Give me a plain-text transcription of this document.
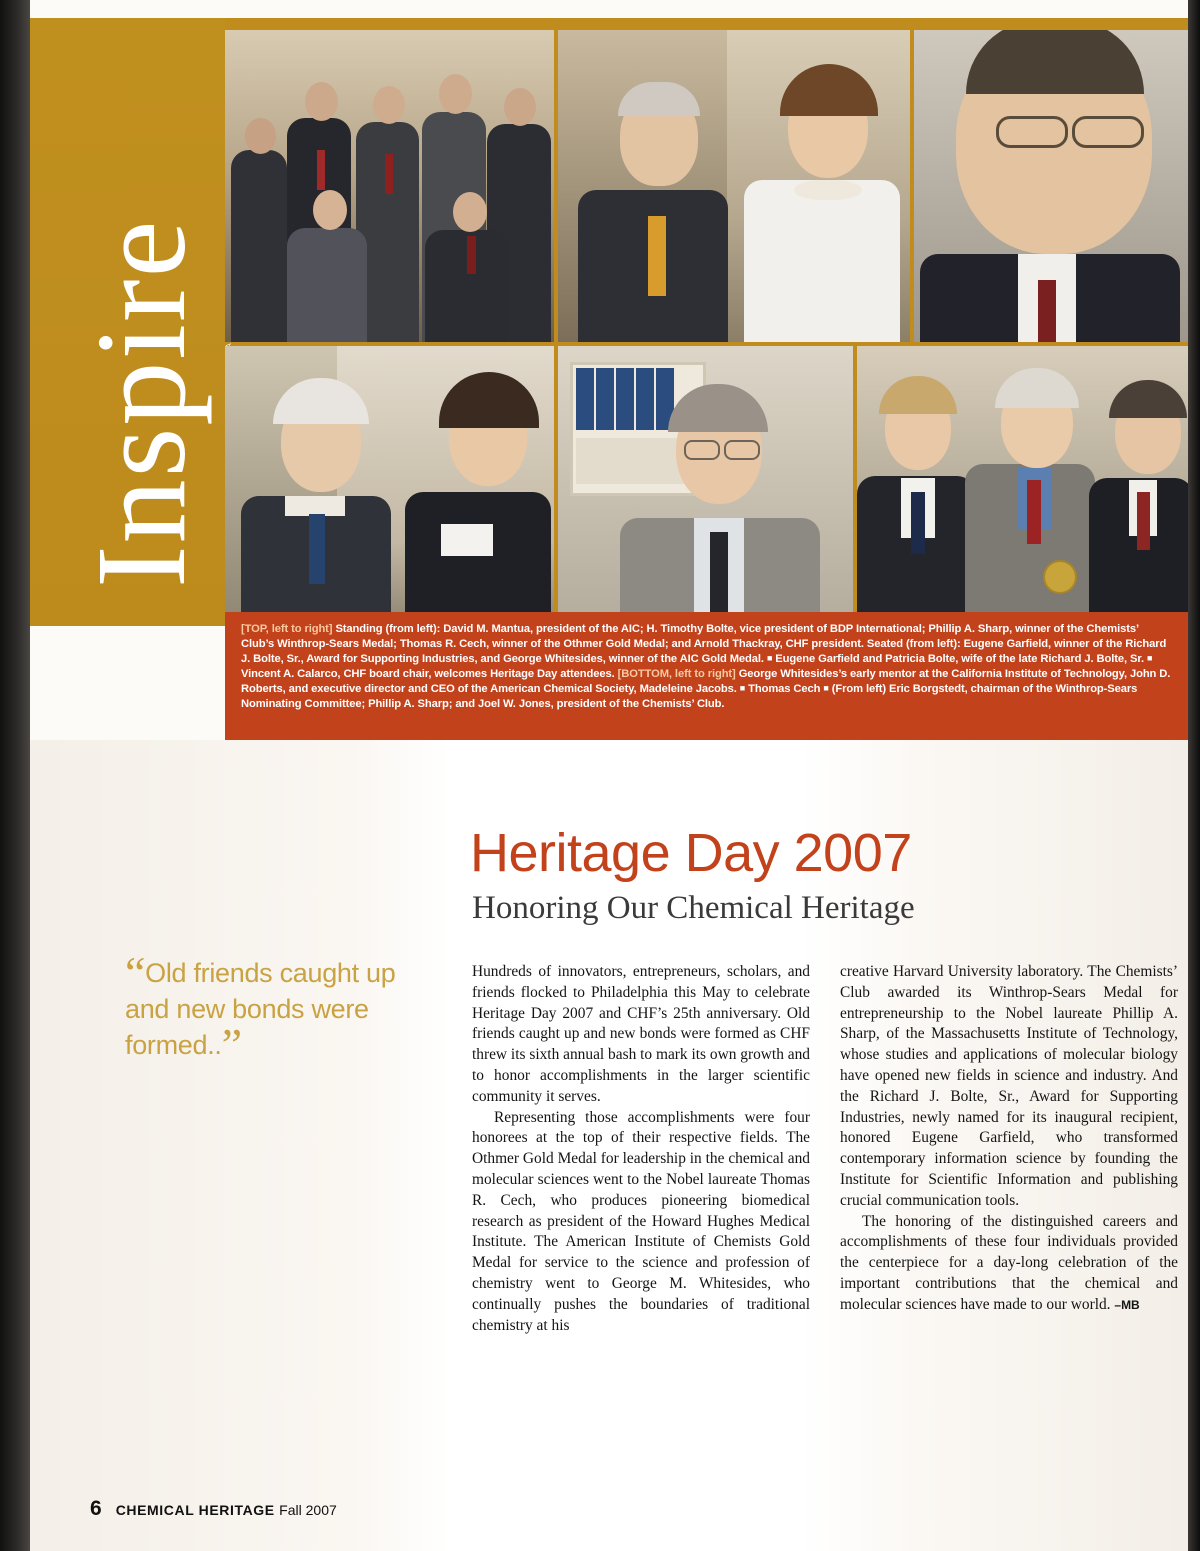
Inspire

[TOP, left to right] Standing (from left): David M. Mantua, president of the AIC; H. Timothy Bolte, vice president of BDP International; Phillip A. Sharp, winner of the Chemists’ Club’s Winthrop-Sears Medal; Thomas R. Cech, winner of the Othmer Gold Medal; and Arnold Thackray, CHF president. Seated (from left): Eugene Garfield, winner of the Richard J. Bolte, Sr., Award for Supporting Industries, and George Whitesides, winner of the AIC Gold Medal. ■ Eugene Garfield and Patricia Bolte, wife of the late Richard J. Bolte, Sr. ■ Vincent A. Calarco, CHF board chair, welcomes Heritage Day attendees. [BOTTOM, left to right] George Whitesides’s early mentor at the California Institute of Technology, John D. Roberts, and executive director and CEO of the American Chemical Society, Madeleine Jacobs. ■ Thomas Cech ■ (From left) Eric Borgstedt, chairman of the Winthrop-Sears Nominating Committee; Phillip A. Sharp; and Joel W. Jones, president of the Chemists’ Club.

Heritage Day 2007
Honoring Our Chemical Heritage
“Old friends caught up and new bonds were formed..”

Hundreds of innovators, entrepreneurs, scholars, and friends flocked to Philadelphia this May to celebrate Heritage Day 2007 and CHF’s 25th anniversary. Old friends caught up and new bonds were formed as CHF threw its sixth annual bash to mark its own growth and to honor accomplishments in the larger scientific community it serves.

Representing those accomplishments were four honorees at the top of their respective fields. The Othmer Gold Medal for leadership in the chemical and molecular sciences went to the Nobel laureate Thomas R. Cech, who produces pioneering biomedical research as president of the Howard Hughes Medical Institute. The American Institute of Chemists Gold Medal for service to the science and profession of chemistry went to George M. Whitesides, who continually pushes the boundaries of traditional chemistry at his

creative Harvard University laboratory. The Chemists’ Club awarded its Winthrop-Sears Medal for entrepreneurship to the Nobel laureate Phillip A. Sharp, of the Massachusetts Institute of Technology, whose studies and applications of molecular biology have opened new fields in science and industry. And the Richard J. Bolte, Sr., Award for Supporting Industries, newly named for its inaugural recipient, honored Eugene Garfield, who transformed contemporary information science by founding the Institute for Scientific Information and publishing crucial communication tools.

The honoring of the distinguished careers and accomplishments of these four individuals provided the centerpiece for a day-long celebration of the important contributions that the chemical and molecular sciences have made to our world. –MB

6 CHEMICAL HERITAGE Fall 2007
